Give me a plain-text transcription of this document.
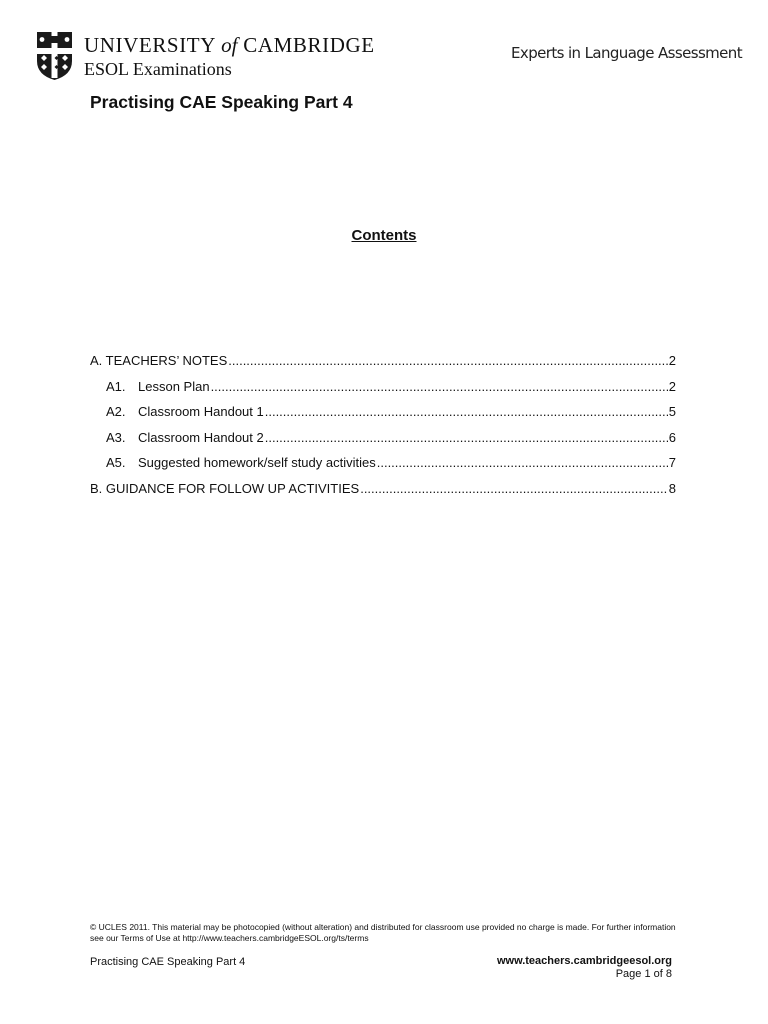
UNIVERSITY of CAMBRIDGE
ESOL Examinations
Experts in Language Assessment
Practising CAE Speaking Part 4
Contents
A. TEACHERS’ NOTES .....	2
A1. Lesson Plan .....	2
A2. Classroom Handout 1 .....	5
A3. Classroom Handout 2 .....	6
A5. Suggested homework/self study activities .....	7
B. GUIDANCE FOR FOLLOW UP ACTIVITIES .....	8

© UCLES 2011. This material may be photocopied (without alteration) and distributed for classroom use provided no charge is made. For further information see our Terms of Use at http://www.teachers.cambridgeESOL.org/ts/terms

Practising CAE Speaking Part 4	www.teachers.cambridgeesol.org
Page 1 of 8
